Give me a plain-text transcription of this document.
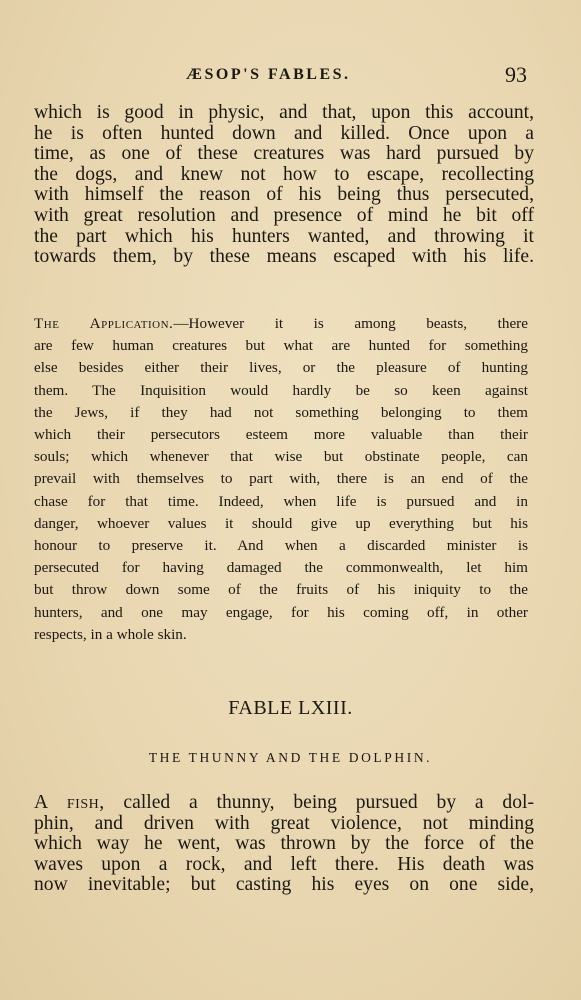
ÆSOP'S FABLES.	93

which is good in physic, and that, upon this account,
he is often hunted down and killed. Once upon a
time, as one of these creatures was hard pursued by
the dogs, and knew not how to escape, recollecting
with himself the reason of his being thus persecuted,
with great resolution and presence of mind he bit off
the part which his hunters wanted, and throwing it
towards them, by these means escaped with his life.

The Application.—However it is among beasts, there
are few human creatures but what are hunted for something
else besides either their lives, or the pleasure of hunting
them. The Inquisition would hardly be so keen against
the Jews, if they had not something belonging to them
which their persecutors esteem more valuable than their
souls; which whenever that wise but obstinate people, can
prevail with themselves to part with, there is an end of the
chase for that time. Indeed, when life is pursued and in
danger, whoever values it should give up everything but his
honour to preserve it. And when a discarded minister is
persecuted for having damaged the commonwealth, let him
but throw down some of the fruits of his iniquity to the
hunters, and one may engage, for his coming off, in other
respects, in a whole skin.

FABLE LXIII.
THE THUNNY AND THE DOLPHIN.

A fish, called a thunny, being pursued by a dol-
phin, and driven with great violence, not minding
which way he went, was thrown by the force of the
waves upon a rock, and left there. His death was
now inevitable; but casting his eyes on one side,
